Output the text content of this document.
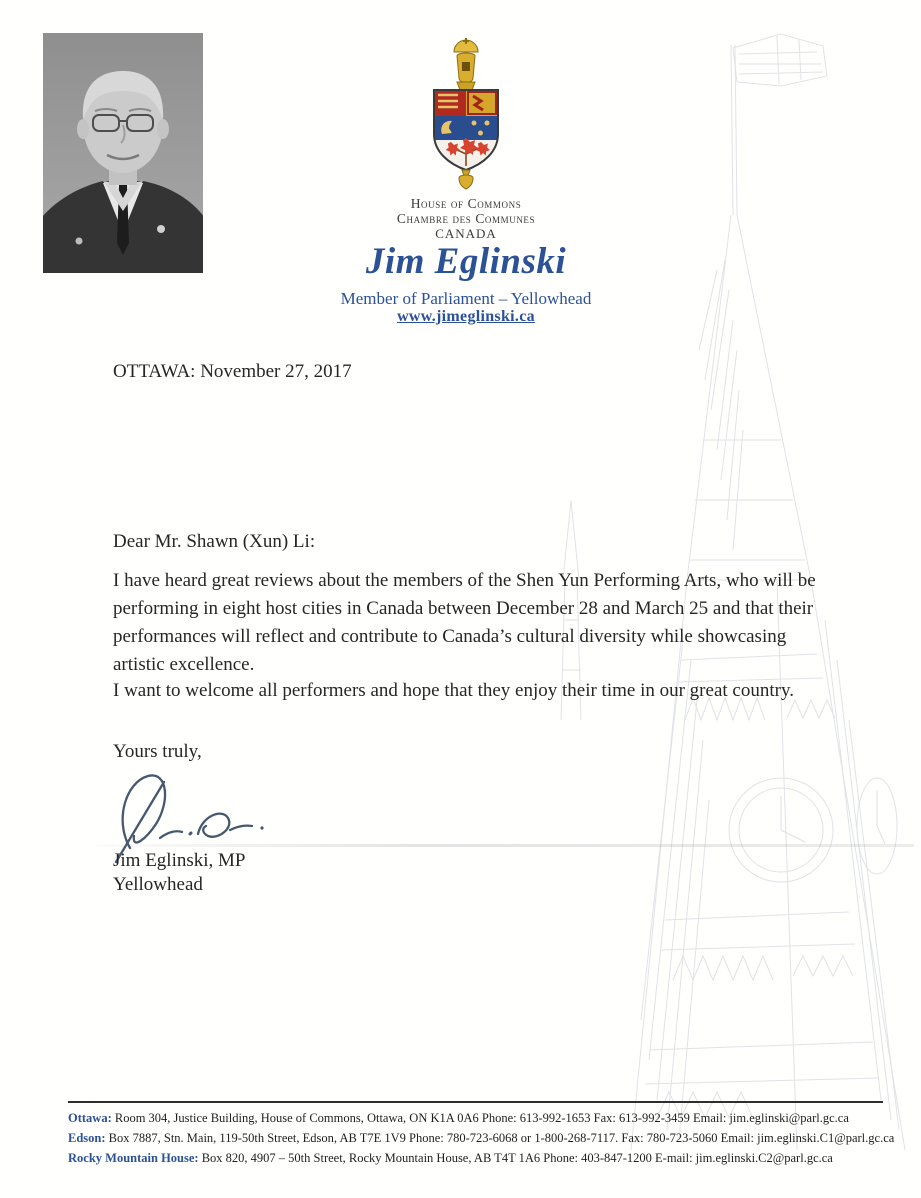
House of Commons
Chambre des Communes
CANADA
Jim Eglinski
Member of Parliament – Yellowhead
www.jimeglinski.ca
OTTAWA: November 27, 2017
Dear Mr. Shawn (Xun) Li:
I have heard great reviews about the members of the Shen Yun Performing Arts, who will be performing in eight host cities in Canada between December 28 and March 25 and that their performances will reflect and contribute to Canada’s cultural diversity while showcasing artistic excellence.
I want to welcome all performers and hope that they enjoy their time in our great country.
Yours truly,
Jim Eglinski, MP
Yellowhead
Ottawa: Room 304, Justice Building, House of Commons, Ottawa, ON K1A 0A6 Phone: 613-992-1653 Fax: 613-992-3459 Email: jim.eglinski@parl.gc.ca
Edson: Box 7887, Stn. Main, 119-50th Street, Edson, AB T7E 1V9 Phone: 780-723-6068 or 1-800-268-7117. Fax: 780-723-5060 Email: jim.eglinski.C1@parl.gc.ca
Rocky Mountain House: Box 820, 4907 – 50th Street, Rocky Mountain House, AB T4T 1A6 Phone: 403-847-1200 E-mail: jim.eglinski.C2@parl.gc.ca
